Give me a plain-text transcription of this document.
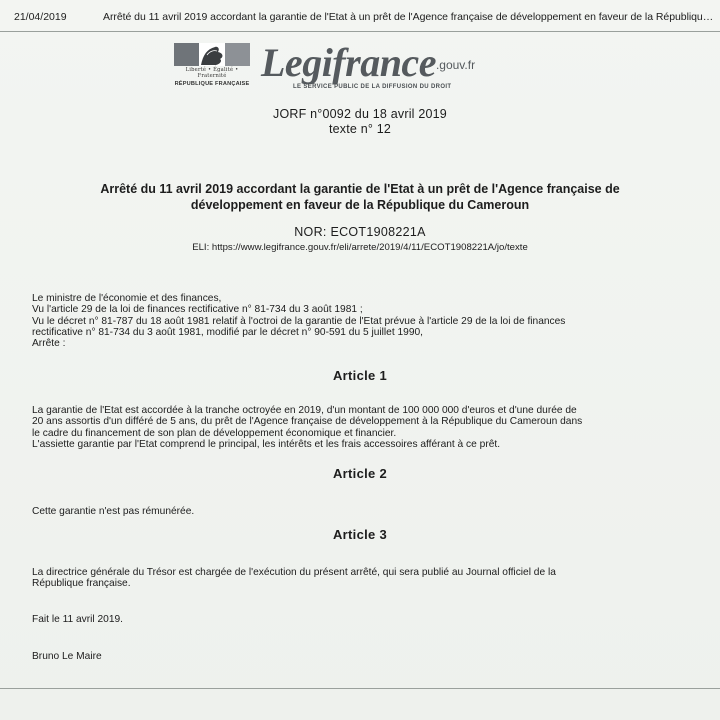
21/04/2019	Arrêté du 11 avril 2019 accordant la garantie de l'Etat à un prêt de l'Agence française de développement en faveur de la Républiqu…
Liberté • Égalité • Fraternité
RÉPUBLIQUE FRANÇAISE Legifrance$^{.gouv.fr}$
LE SERVICE PUBLIC DE LA DIFFUSION DU DROIT
JORF n°0092 du 18 avril 2019
texte n° 12
Arrêté du 11 avril 2019 accordant la garantie de l'Etat à un prêt de l'Agence française de
développement en faveur de la République du Cameroun
NOR: ECOT1908221A
ELI: https://www.legifrance.gouv.fr/eli/arrete/2019/4/11/ECOT1908221A/jo/texte
Le ministre de l'économie et des finances,
Vu l'article 29 de la loi de finances rectificative n° 81-734 du 3 août 1981 ;
Vu le décret n° 81-787 du 18 août 1981 relatif à l'octroi de la garantie de l'Etat prévue à l'article 29 de la loi de finances
rectificative n° 81-734 du 3 août 1981, modifié par le décret n° 90-591 du 5 juillet 1990,
Arrête :
Article 1
La garantie de l'Etat est accordée à la tranche octroyée en 2019, d'un montant de 100 000 000 d'euros et d'une durée de
20 ans assortis d'un différé de 5 ans, du prêt de l'Agence française de développement à la République du Cameroun dans
le cadre du financement de son plan de développement économique et financier.
L'assiette garantie par l'Etat comprend le principal, les intérêts et les frais accessoires afférant à ce prêt.
Article 2
Cette garantie n'est pas rémunérée.
Article 3
La directrice générale du Trésor est chargée de l'exécution du présent arrêté, qui sera publié au Journal officiel de la
République française.
Fait le 11 avril 2019.
Bruno Le Maire
